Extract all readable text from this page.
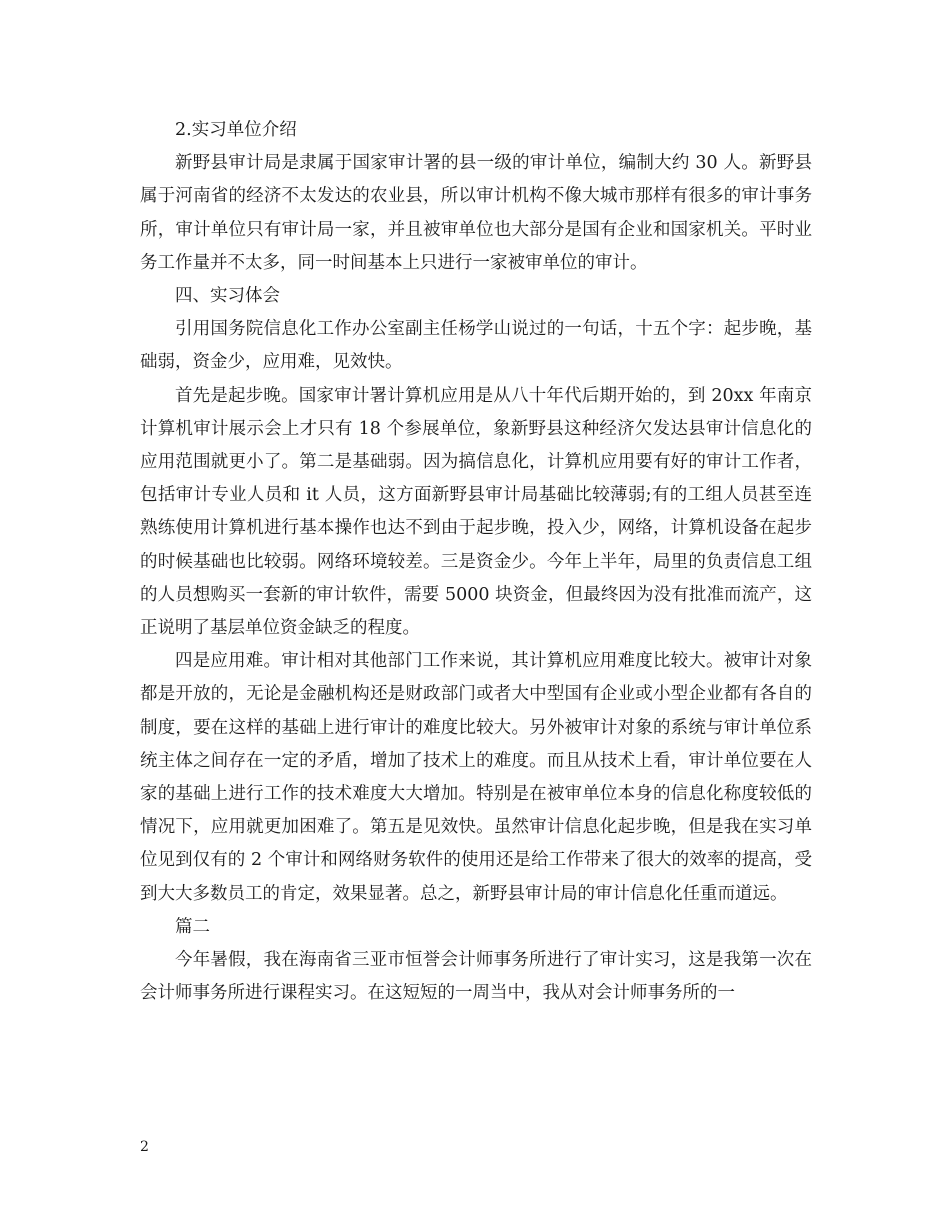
2.实习单位介绍

新野县审计局是隶属于国家审计署的县一级的审计单位，编制大约 30 人。新野县属于河南省的经济不太发达的农业县，所以审计机构不像大城市那样有很多的审计事务所，审计单位只有审计局一家，并且被审单位也大部分是国有企业和国家机关。平时业务工作量并不太多，同一时间基本上只进行一家被审单位的审计。

四、实习体会

引用国务院信息化工作办公室副主任杨学山说过的一句话，十五个字：起步晚，基础弱，资金少，应用难，见效快。

首先是起步晚。国家审计署计算机应用是从八十年代后期开始的，到 20xx 年南京计算机审计展示会上才只有 18 个参展单位，象新野县这种经济欠发达县审计信息化的应用范围就更小了。第二是基础弱。因为搞信息化，计算机应用要有好的审计工作者，包括审计专业人员和 it 人员，这方面新野县审计局基础比较薄弱;有的工组人员甚至连熟练使用计算机进行基本操作也达不到由于起步晚，投入少，网络，计算机设备在起步的时候基础也比较弱。网络环境较差。三是资金少。今年上半年，局里的负责信息工组的人员想购买一套新的审计软件，需要 5000 块资金，但最终因为没有批准而流产，这正说明了基层单位资金缺乏的程度。

四是应用难。审计相对其他部门工作来说，其计算机应用难度比较大。被审计对象都是开放的，无论是金融机构还是财政部门或者大中型国有企业或小型企业都有各自的制度，要在这样的基础上进行审计的难度比较大。另外被审计对象的系统与审计单位系统主体之间存在一定的矛盾，增加了技术上的难度。而且从技术上看，审计单位要在人家的基础上进行工作的技术难度大大增加。特别是在被审单位本身的信息化称度较低的情况下，应用就更加困难了。第五是见效快。虽然审计信息化起步晚，但是我在实习单位见到仅有的 2 个审计和网络财务软件的使用还是给工作带来了很大的效率的提高，受到大大多数员工的肯定，效果显著。总之，新野县审计局的审计信息化任重而道远。

篇二

今年暑假，我在海南省三亚市恒誉会计师事务所进行了审计实习，这是我第一次在会计师事务所进行课程实习。在这短短的一周当中，我从对会计师事务所的一

2
